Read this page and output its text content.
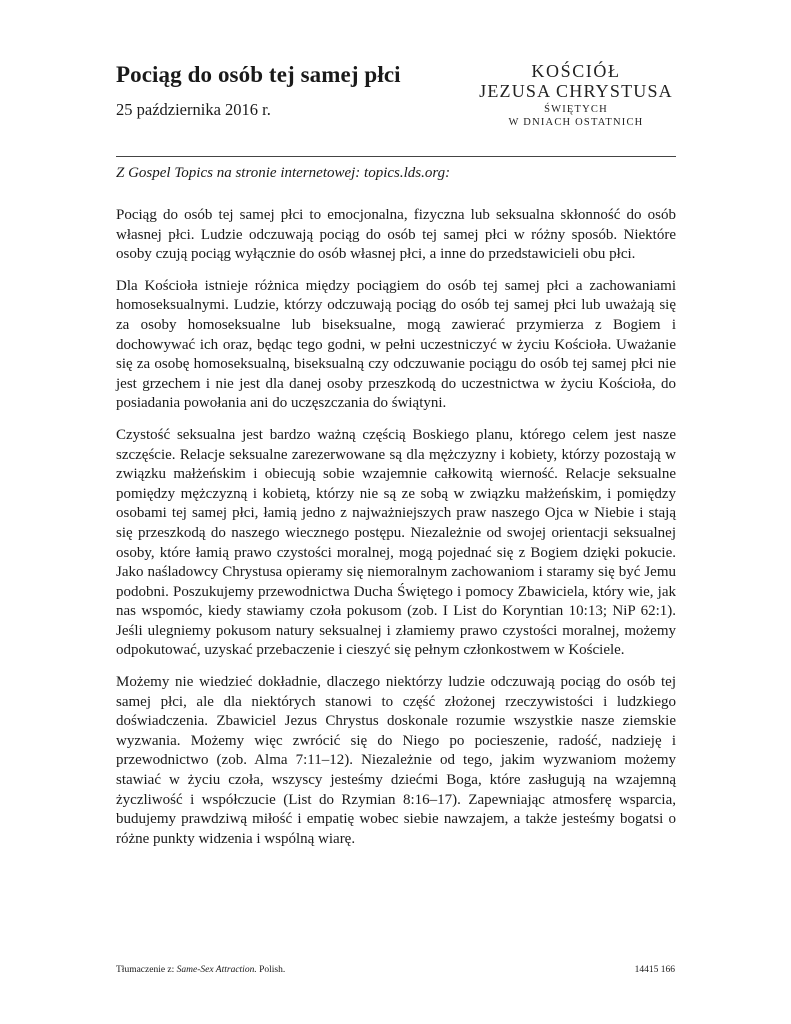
Pociąg do osób tej samej płci
25 października 2016 r.
KOŚCIÓŁ
JEZUSA CHRYSTUSA
ŚWIĘTYCH
W DNIACH OSTATNICH
Z Gospel Topics na stronie internetowej: topics.lds.org:

Pociąg do osób tej samej płci to emocjonalna, fizyczna lub seksualna skłonność do osób własnej płci. Ludzie odczuwają pociąg do osób tej samej płci w różny sposób. Niektóre osoby czują pociąg wyłącznie do osób własnej płci, a inne do przedstawicieli obu płci.

Dla Kościoła istnieje różnica między pociągiem do osób tej samej płci a zachowaniami homoseksualnymi. Ludzie, którzy odczuwają pociąg do osób tej samej płci lub uważają się za osoby homoseksualne lub biseksualne, mogą zawierać przymierza z Bogiem i dochowywać ich oraz, będąc tego godni, w pełni uczestniczyć w życiu Kościoła. Uważanie się za osobę homoseksualną, biseksualną czy odczuwanie pociągu do osób tej samej płci nie jest grzechem i nie jest dla danej osoby przeszkodą do uczestnictwa w życiu Kościoła, do posiadania powołania ani do uczęszczania do świątyni.

Czystość seksualna jest bardzo ważną częścią Boskiego planu, którego celem jest nasze szczęście. Relacje seksualne zarezerwowane są dla mężczyzny i kobiety, którzy pozostają w związku małżeńskim i obiecują sobie wzajemnie całkowitą wierność. Relacje seksualne pomiędzy mężczyzną i kobietą, którzy nie są ze sobą w związku małżeńskim, i pomiędzy osobami tej samej płci, łamią jedno z najważniejszych praw naszego Ojca w Niebie i stają się przeszkodą do naszego wiecznego postępu. Niezależnie od swojej orientacji seksualnej osoby, które łamią prawo czystości moralnej, mogą pojednać się z Bogiem dzięki pokucie. Jako naśladowcy Chrystusa opieramy się niemoralnym zachowaniom i staramy się być Jemu podobni. Poszukujemy przewodnictwa Ducha Świętego i pomocy Zbawiciela, który wie, jak nas wspomóc, kiedy stawiamy czoła pokusom (zob. I List do Koryntian 10:13; NiP 62:1). Jeśli ulegniemy pokusom natury seksualnej i złamiemy prawo czystości moralnej, możemy odpokutować, uzyskać przebaczenie i cieszyć się pełnym członkostwem w Kościele.

Możemy nie wiedzieć dokładnie, dlaczego niektórzy ludzie odczuwają pociąg do osób tej samej płci, ale dla niektórych stanowi to część złożonej rzeczywistości i ludzkiego doświadczenia. Zbawiciel Jezus Chrystus doskonale rozumie wszystkie nasze ziemskie wyzwania. Możemy więc zwrócić się do Niego po pocieszenie, radość, nadzieję i przewodnictwo (zob. Alma 7:11–12). Niezależnie od tego, jakim wyzwaniom możemy stawiać w życiu czoła, wszyscy jesteśmy dziećmi Boga, które zasługują na wzajemną życzliwość i współczucie (List do Rzymian 8:16–17). Zapewniając atmosferę wsparcia, budujemy prawdziwą miłość i empatię wobec siebie nawzajem, a także jesteśmy bogatsi o różne punkty widzenia i wspólną wiarę.

Tłumaczenie z: Same-Sex Attraction. Polish.	14415 166
